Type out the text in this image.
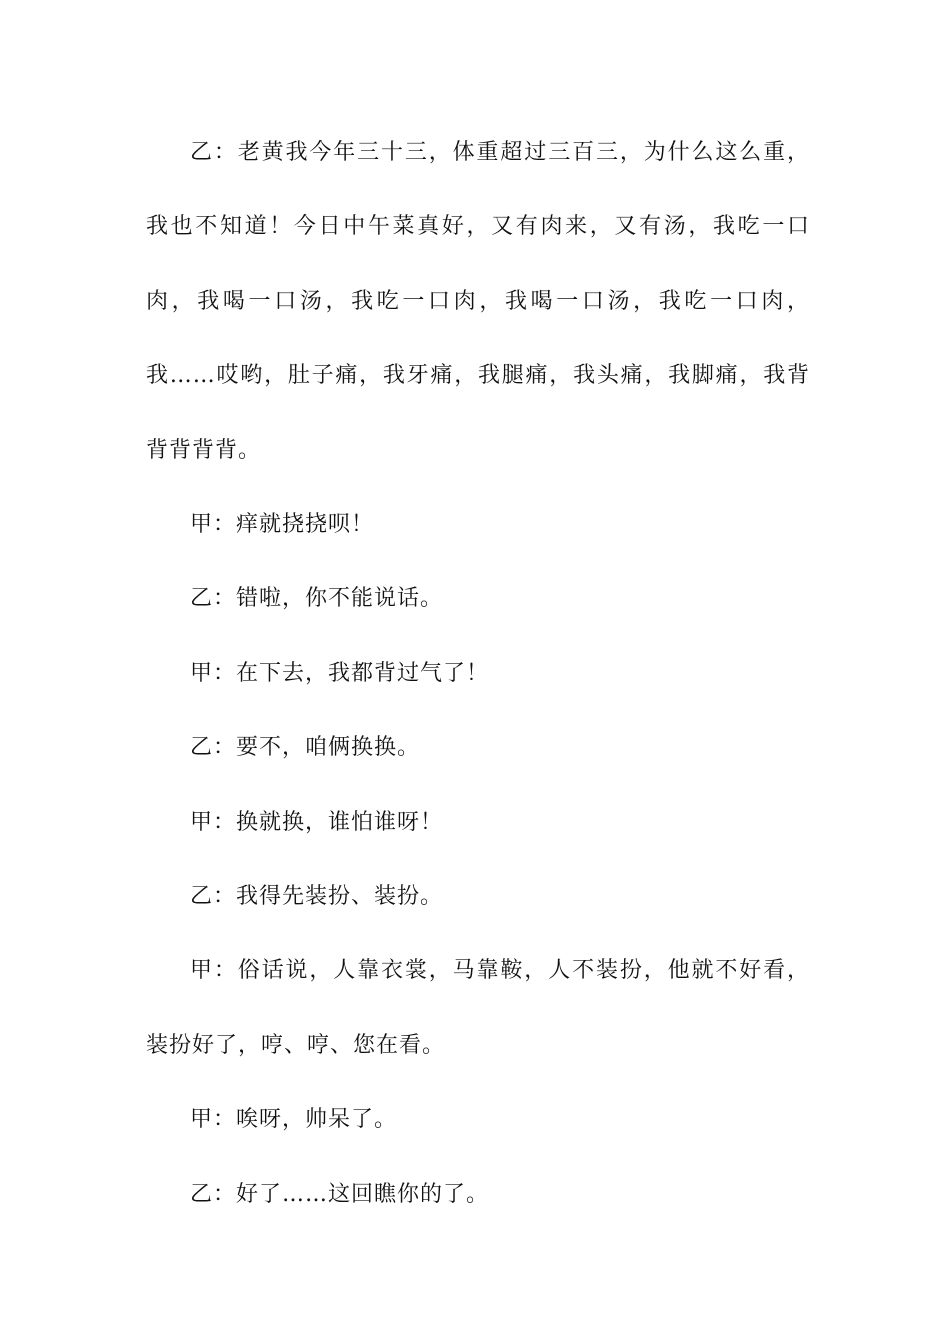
乙：老黄我今年三十三，体重超过三百三，为什么这么重，我也不知道！今日中午菜真好，又有肉来，又有汤，我吃一口肉，我喝一口汤，我吃一口肉，我喝一口汤，我吃一口肉，我……哎哟，肚子痛，我牙痛，我腿痛，我头痛，我脚痛，我背背背背背。

甲：痒就挠挠呗！

乙：错啦，你不能说话。

甲：在下去，我都背过气了！

乙：要不，咱俩换换。

甲：换就换，谁怕谁呀！

乙：我得先装扮、装扮。

甲：俗话说，人靠衣裳，马靠鞍，人不装扮，他就不好看，装扮好了，哼、哼、您在看。

甲：唉呀，帅呆了。

乙：好了……这回瞧你的了。
